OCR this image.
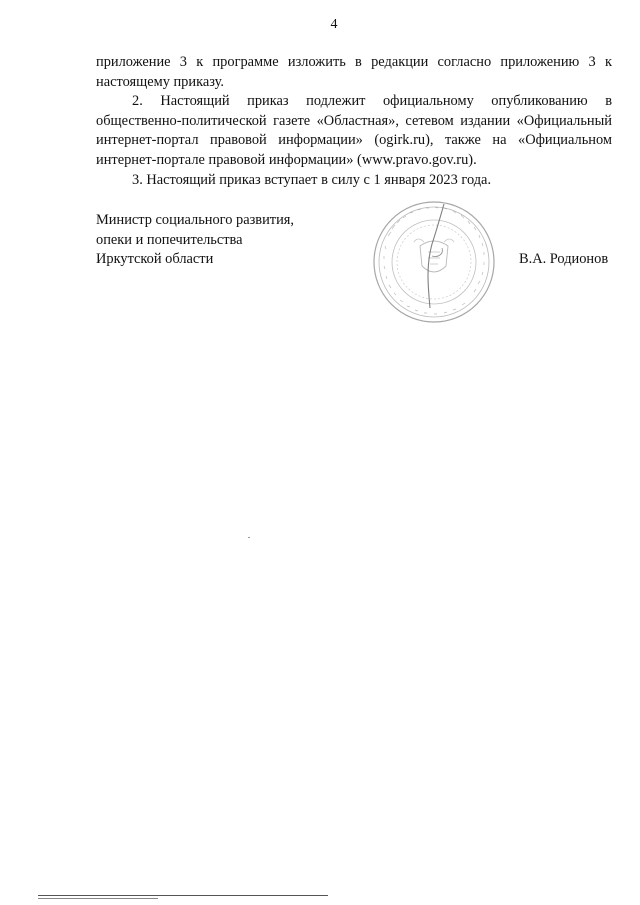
4

приложение 3 к программе изложить в редакции согласно приложению 3 к настоящему приказу.

2. Настоящий приказ подлежит официальному опубликованию в общественно-политической газете «Областная», сетевом издании «Официальный интернет-портал правовой информации» (ogirk.ru), также на «Официальном интернет-портале правовой информации» (www.pravo.gov.ru).

3. Настоящий приказ вступает в силу с 1 января 2023 года.

Министр социального развития,
опеки и попечительства
Иркутской области	В.А. Родионов
